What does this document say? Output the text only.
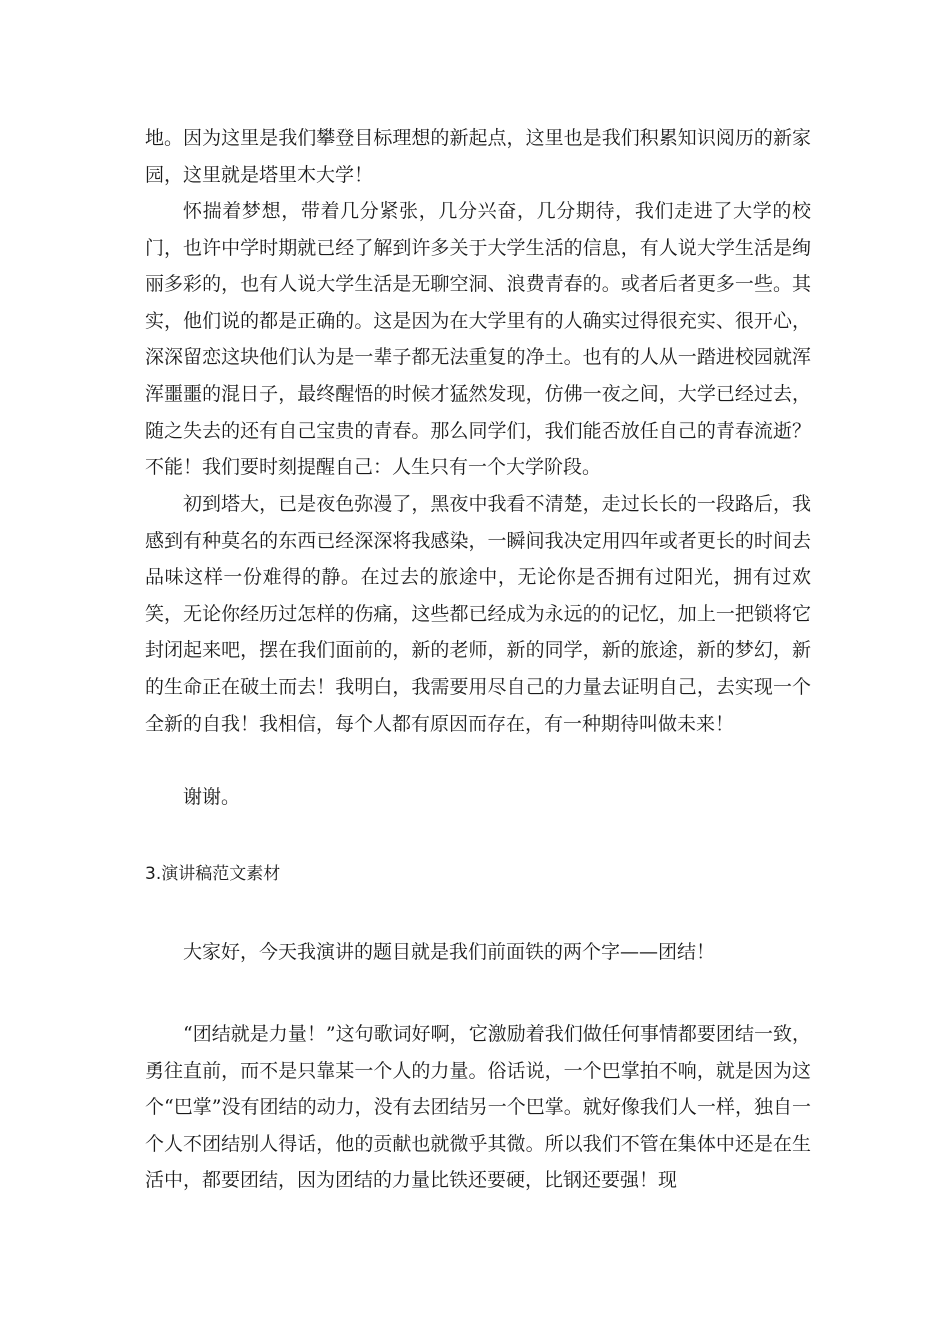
地。因为这里是我们攀登目标理想的新起点，这里也是我们积累知识阅历的新家园，这里就是塔里木大学！

怀揣着梦想，带着几分紧张，几分兴奋，几分期待，我们走进了大学的校门，也许中学时期就已经了解到许多关于大学生活的信息，有人说大学生活是绚丽多彩的，也有人说大学生活是无聊空洞、浪费青春的。或者后者更多一些。其实，他们说的都是正确的。这是因为在大学里有的人确实过得很充实、很开心，深深留恋这块他们认为是一辈子都无法重复的净土。也有的人从一踏进校园就浑浑噩噩的混日子，最终醒悟的时候才猛然发现，仿佛一夜之间，大学已经过去，随之失去的还有自己宝贵的青春。那么同学们，我们能否放任自己的青春流逝？不能！我们要时刻提醒自己：人生只有一个大学阶段。

初到塔大，已是夜色弥漫了，黑夜中我看不清楚，走过长长的一段路后，我感到有种莫名的东西已经深深将我感染，一瞬间我决定用四年或者更长的时间去品味这样一份难得的静。在过去的旅途中，无论你是否拥有过阳光，拥有过欢笑，无论你经历过怎样的伤痛，这些都已经成为永远的的记忆，加上一把锁将它封闭起来吧，摆在我们面前的，新的老师，新的同学，新的旅途，新的梦幻，新的生命正在破土而去！我明白，我需要用尽自己的力量去证明自己，去实现一个全新的自我！我相信，每个人都有原因而存在，有一种期待叫做未来！

谢谢。

3.演讲稿范文素材

大家好，今天我演讲的题目就是我们前面铁的两个字——团结！

“团结就是力量！”这句歌词好啊，它激励着我们做任何事情都要团结一致，勇往直前，而不是只靠某一个人的力量。俗话说，一个巴掌拍不响，就是因为这个“巴掌”没有团结的动力，没有去团结另一个巴掌。就好像我们人一样，独自一个人不团结别人得话，他的贡献也就微乎其微。所以我们不管在集体中还是在生活中，都要团结，因为团结的力量比铁还要硬，比钢还要强！现
